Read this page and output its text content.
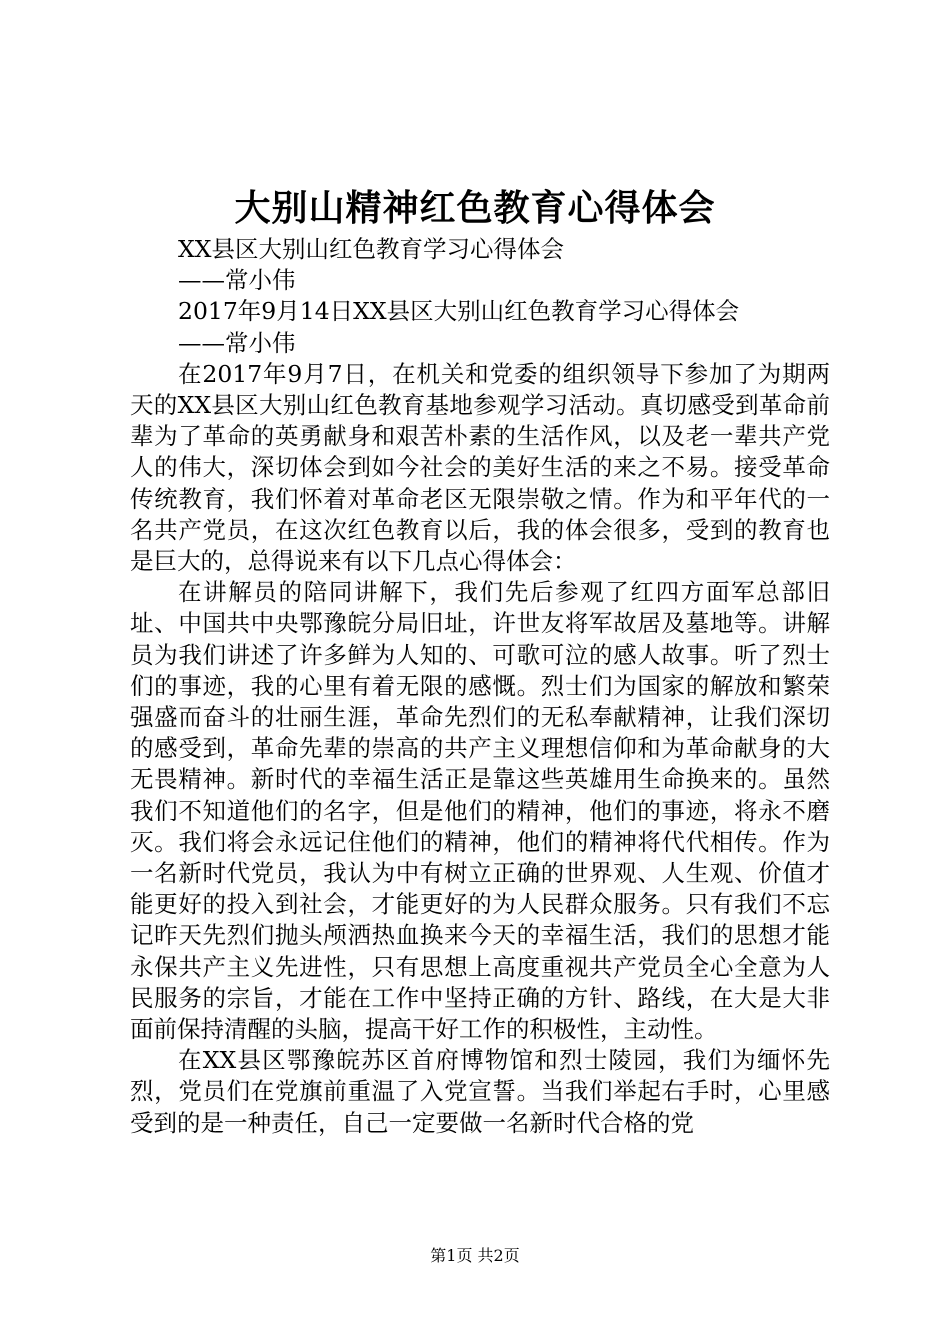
大别山精神红色教育心得体会

XX县区大别山红色教育学习心得体会

——常小伟

2017年9月14日XX县区大别山红色教育学习心得体会

——常小伟

在2017年9月7日，在机关和党委的组织领导下参加了为期两天的XX县区大别山红色教育基地参观学习活动。真切感受到革命前辈为了革命的英勇献身和艰苦朴素的生活作风，以及老一辈共产党人的伟大，深切体会到如今社会的美好生活的来之不易。接受革命传统教育，我们怀着对革命老区无限崇敬之情。作为和平年代的一名共产党员，在这次红色教育以后，我的体会很多，受到的教育也是巨大的，总得说来有以下几点心得体会：

在讲解员的陪同讲解下，我们先后参观了红四方面军总部旧址、中国共中央鄂豫皖分局旧址，许世友将军故居及墓地等。讲解员为我们讲述了许多鲜为人知的、可歌可泣的感人故事。听了烈士们的事迹，我的心里有着无限的感慨。烈士们为国家的解放和繁荣强盛而奋斗的壮丽生涯，革命先烈们的无私奉献精神，让我们深切的感受到，革命先辈的崇高的共产主义理想信仰和为革命献身的大无畏精神。新时代的幸福生活正是靠这些英雄用生命换来的。虽然我们不知道他们的名字，但是他们的精神，他们的事迹，将永不磨灭。我们将会永远记住他们的精神，他们的精神将代代相传。作为一名新时代党员，我认为中有树立正确的世界观、人生观、价值才能更好的投入到社会，才能更好的为人民群众服务。只有我们不忘记昨天先烈们抛头颅洒热血换来今天的幸福生活，我们的思想才能永保共产主义先进性，只有思想上高度重视共产党员全心全意为人民服务的宗旨，才能在工作中坚持正确的方针、路线，在大是大非面前保持清醒的头脑，提高干好工作的积极性，主动性。

在XX县区鄂豫皖苏区首府博物馆和烈士陵园，我们为缅怀先烈，党员们在党旗前重温了入党宣誓。当我们举起右手时，心里感受到的是一种责任，自己一定要做一名新时代合格的党

第1页 共2页
